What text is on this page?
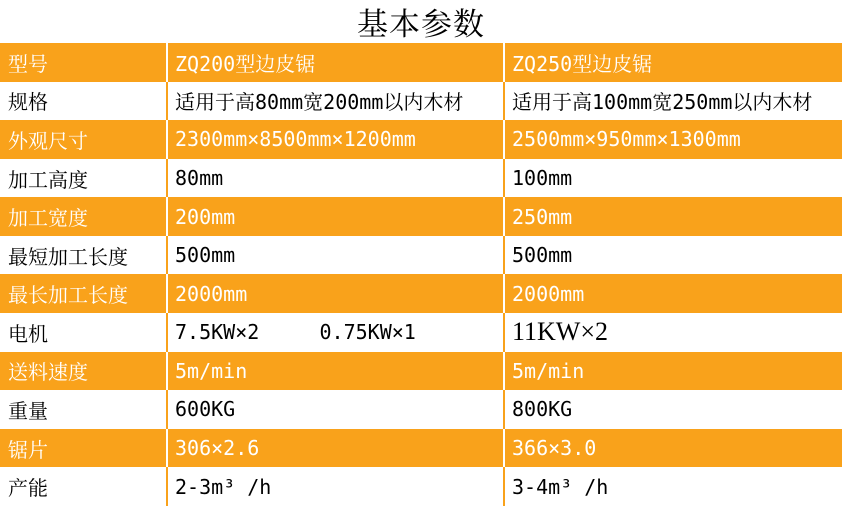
基本参数
型号	ZQ200型边皮锯	ZQ250型边皮锯
规格	适用于高80mm宽200mm以内木材	适用于高100mm宽250mm以内木材
外观尺寸	2300mm×8500mm×1200mm	2500mm×950mm×1300mm
加工高度	80mm	100mm
加工宽度	200mm	250mm
最短加工长度	500mm	500mm
最长加工长度	2000mm	2000mm
电机	7.5KW×2     0.75KW×1	11KW×2
送料速度	5m/min	5m/min
重量	600KG	800KG
锯片	306×2.6	366×3.0
产能	2-3m³ /h	3-4m³ /h
